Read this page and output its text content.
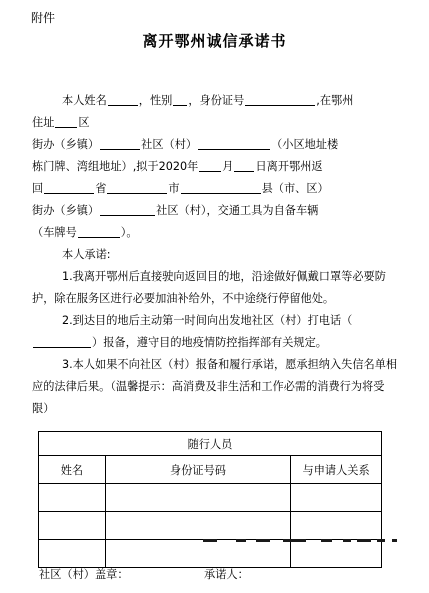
附件
离开鄂州诚信承诺书

本人姓名	，性别 ，身份证号	,在鄂州

住址 区

街办（乡镇）	社区（村）	（小区地址楼

栋门牌、湾组地址）,拟于2020年 月 日离开鄂州返

回	省	市	县（市、区）

街办（乡镇）	社区（村），交通工具为自备车辆

（车牌号	）。

本人承诺:

1.我离开鄂州后直接驶向返回目的地，沿途做好佩戴口罩等必要防护，除在服务区进行必要加油补给外，不中途绕行停留他处。

2.到达目的地后主动第一时间向出发地社区（村）打电话（）报备，遵守目的地疫情防控指挥部有关规定。

3.本人如果不向社区（村）报备和履行承诺，愿承担纳入失信名单相应的法律后果。（温馨提示：高消费及非生活和工作必需的消费行为将受限）

随行人员		
姓名	身份证号码	与申请人关系

社区（村）盖章：	承诺人：
